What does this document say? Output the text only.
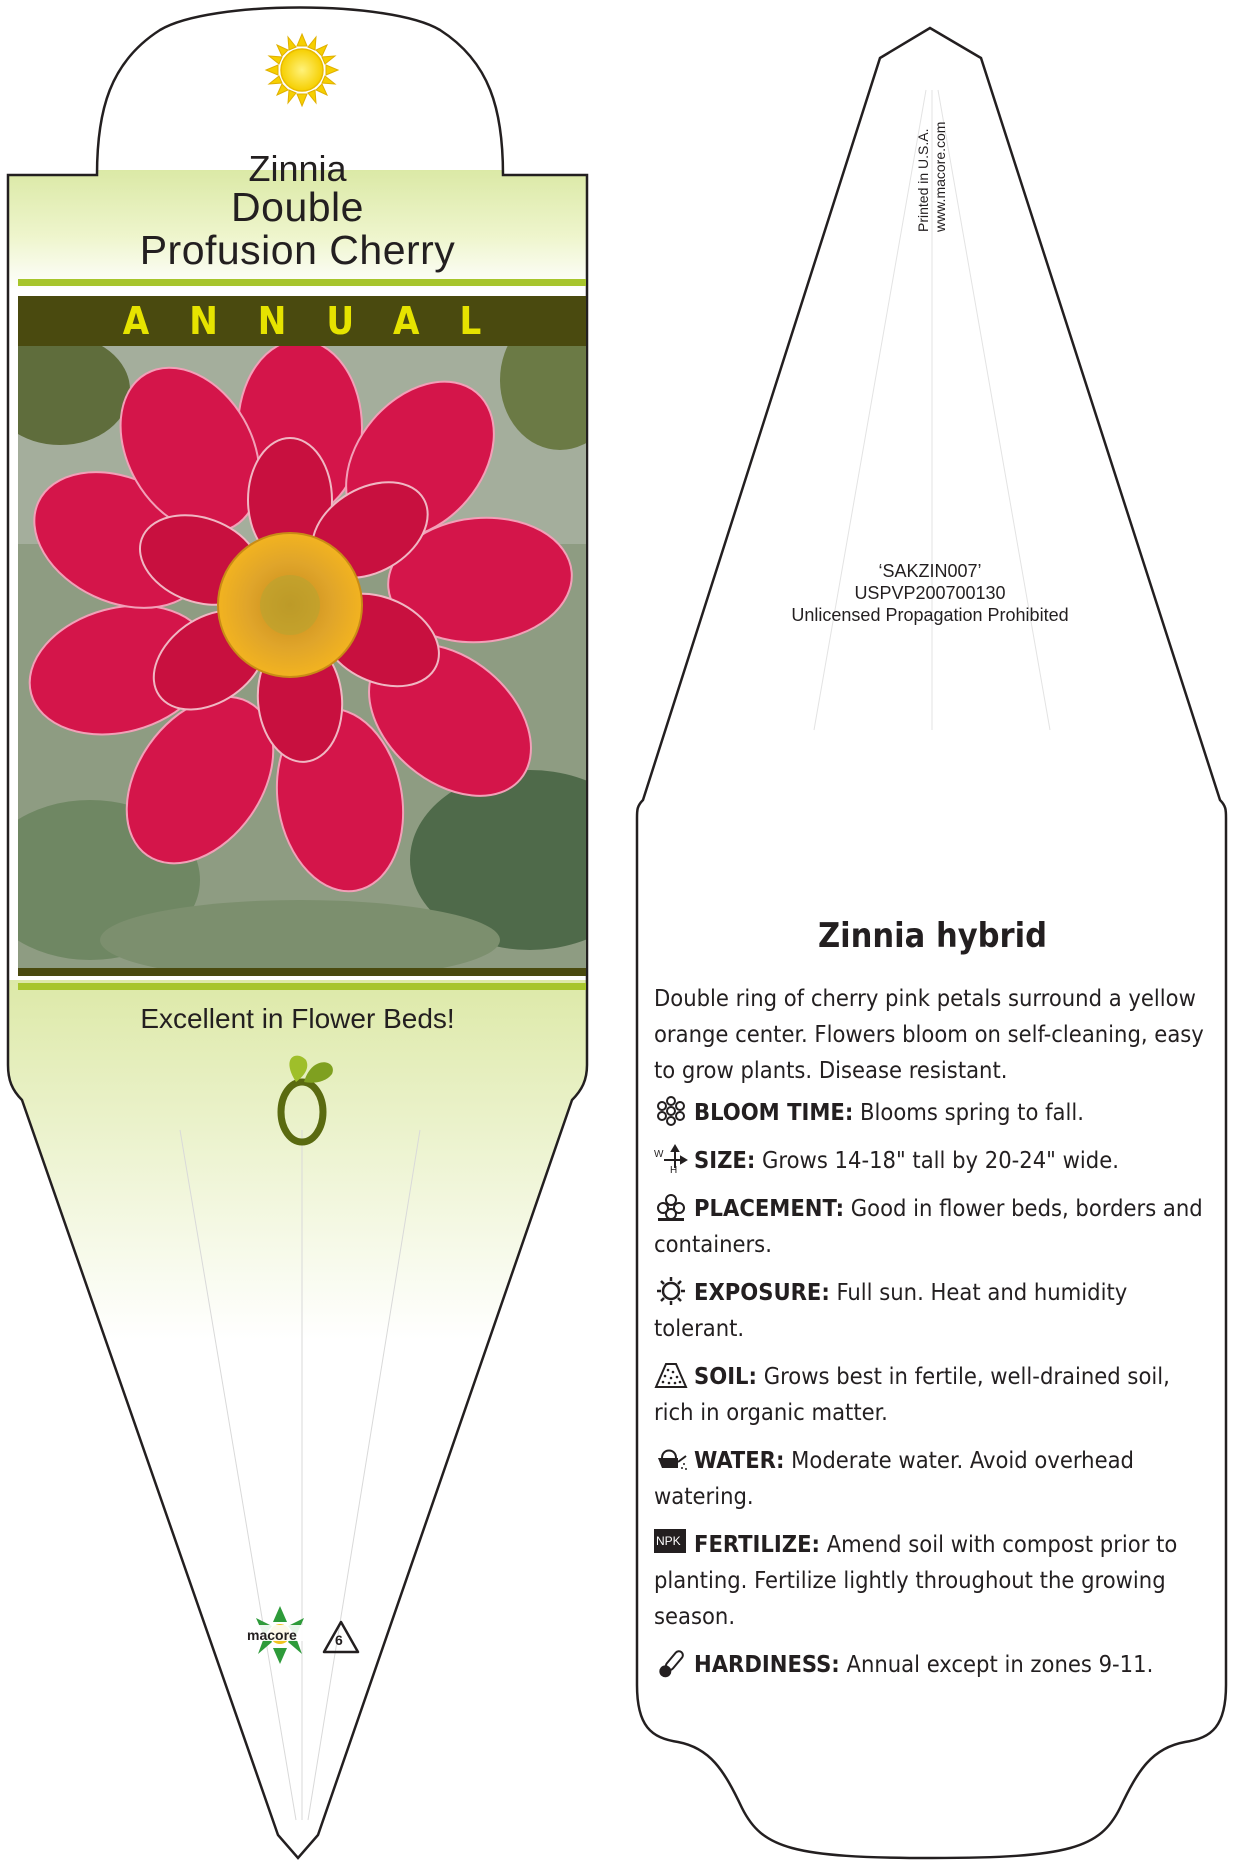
Zinnia
Double
Profusion Cherry
ANNUAL
Excellent in Flower Beds!
macore	6
Printed in U.S.A. www.macore.com
‘SAKZIN007’
USPVP200700130
Unlicensed Propagation Prohibited
Zinnia hybrid

Double ring of cherry pink petals surround a yellow orange center. Flowers bloom on self-cleaning, easy to grow plants. Disease resistant.

BLOOM TIME: Blooms spring to fall.
W
H SIZE: Grows 14-18" tall by 20-24" wide.
PLACEMENT: Good in flower beds, borders and containers.
EXPOSURE: Full sun. Heat and humidity tolerant.
SOIL: Grows best in fertile, well-drained soil, rich in organic matter.
WATER: Moderate water. Avoid overhead watering.
NPK FERTILIZE: Amend soil with compost prior to planting. Fertilize lightly throughout the growing season.
HARDINESS: Annual except in zones 9-11.
